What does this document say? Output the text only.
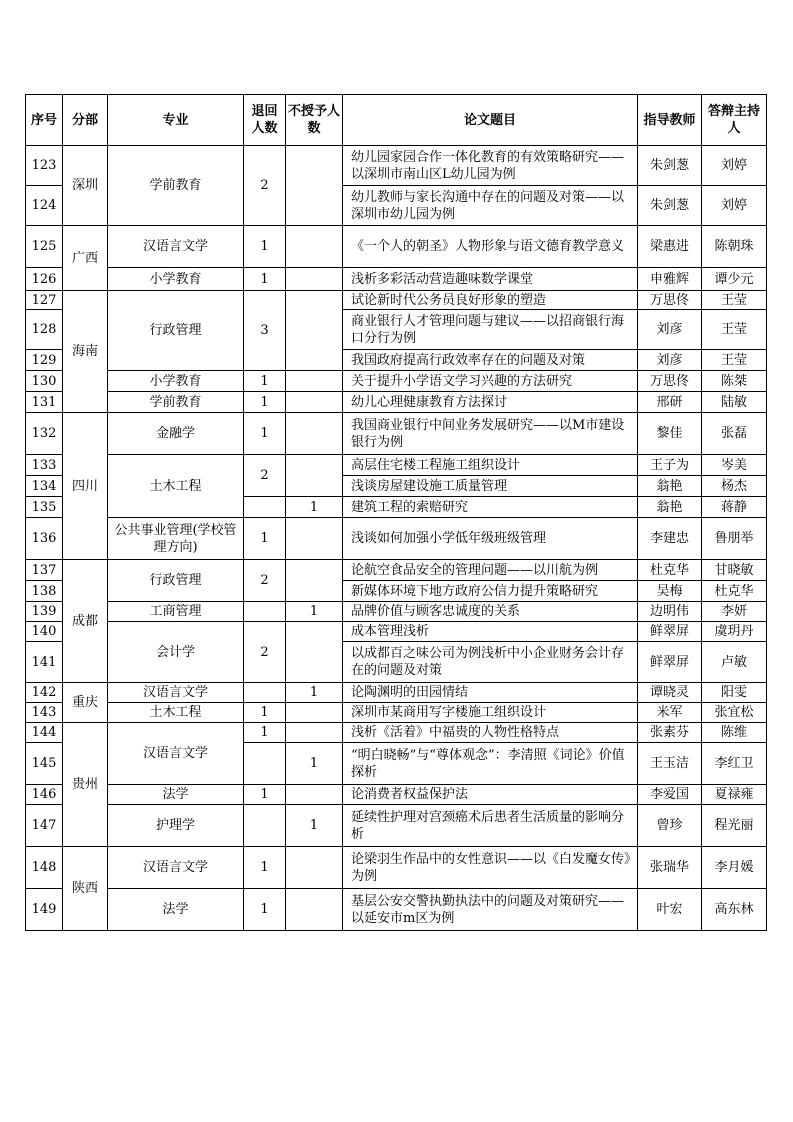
序号	分部	专业	退回人数	不授予人数	论文题目	指导教师	答辩主持人
123	深圳	学前教育	2		幼儿园家园合作一体化教育的有效策略研究——以深圳市南山区L幼儿园为例	朱剑葱	刘婷
124					幼儿教师与家长沟通中存在的问题及对策——以深圳市幼儿园为例	朱剑葱	刘婷
125	广西	汉语言文学	1		《一个人的朝圣》人物形象与语文德育教学意义	梁惠进	陈朝珠
126		小学教育	1		浅析多彩活动营造趣味数学课堂	申雅辉	谭少元
127	海南	行政管理	3		试论新时代公务员良好形象的塑造	万思佟	王莹
128					商业银行人才管理问题与建议——以招商银行海口分行为例	刘彦	王莹
129					我国政府提高行政效率存在的问题及对策	刘彦	王莹
130		小学教育	1		关于提升小学语文学习兴趣的方法研究	万思佟	陈桀
131		学前教育	1		幼儿心理健康教育方法探讨	邢研	陆敏
132	四川	金融学	1		我国商业银行中间业务发展研究——以M市建设银行为例	黎佳	张磊
133		土木工程	2		高层住宅楼工程施工组织设计	王子为	岑美
134					浅谈房屋建设施工质量管理	翁艳	杨杰
135				1	建筑工程的索赔研究	翁艳	蒋静
136		公共事业管理(学校管理方向)	1		浅谈如何加强小学低年级班级管理	李建忠	鲁朋举
137	成都	行政管理	2		论航空食品安全的管理问题——以川航为例	杜克华	甘晓敏
138					新媒体环境下地方政府公信力提升策略研究	吴梅	杜克华
139		工商管理		1	品牌价值与顾客忠诚度的关系	边明伟	李妍
140		会计学	2		成本管理浅析	鲜翠屏	虞玥丹
141					以成都百之味公司为例浅析中小企业财务会计存在的问题及对策	鲜翠屏	卢敏
142	重庆	汉语言文学		1	论陶渊明的田园情结	谭晓灵	阳雯
143		土木工程	1		深圳市某商用写字楼施工组织设计	米军	张宜松
144	贵州	汉语言文学	1		浅析《活着》中福贵的人物性格特点	张素芬	陈维
145				1	“明白晓畅”与“尊体观念”：李清照《词论》价值探析	王玉洁	李红卫
146		法学	1		论消费者权益保护法	李爱国	夏禄雍
147		护理学		1	延续性护理对宫颈癌术后患者生活质量的影响分析	曾珍	程光丽
148	陕西	汉语言文学	1		论梁羽生作品中的女性意识——以《白发魔女传》为例	张瑞华	李月媛
149		法学	1		基层公安交警执勤执法中的问题及对策研究——以延安市m区为例	叶宏	高东林
